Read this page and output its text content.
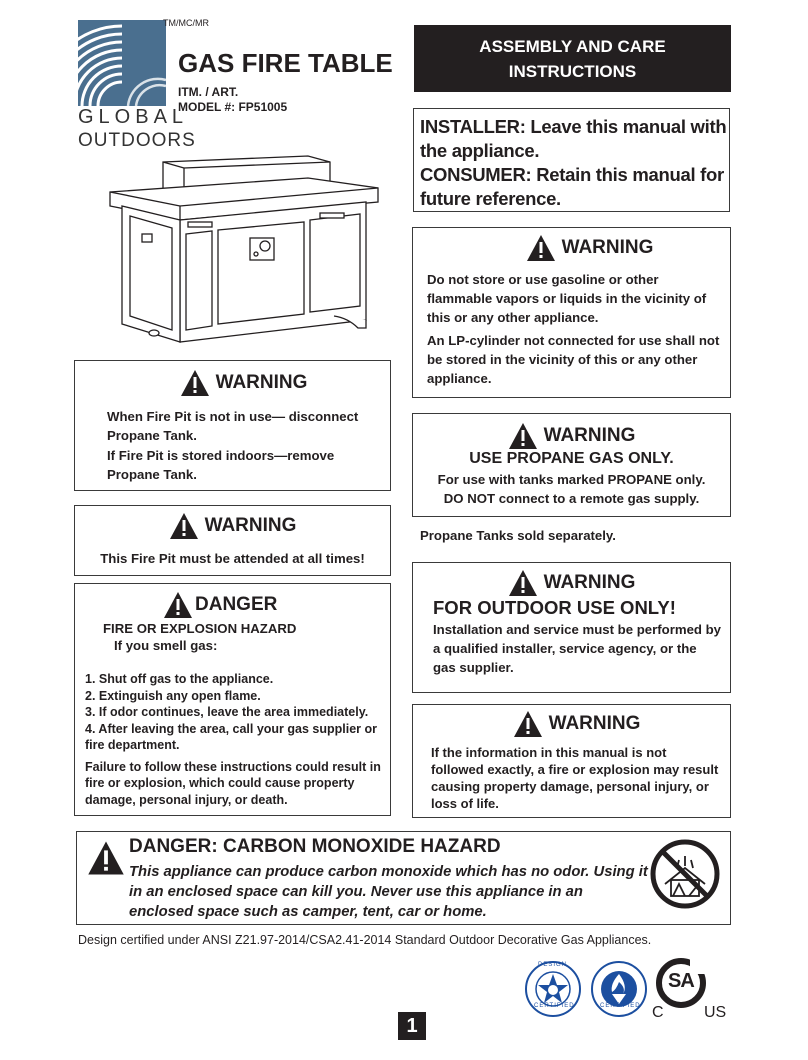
TM/MC/MR
GLOBAL
OUTDOORS
GAS FIRE TABLE
ITM. / ART.
MODEL #: FP51005
ASSEMBLY AND CARE
INSTRUCTIONS
INSTALLER: Leave this manual with
the appliance.
CONSUMER: Retain this manual for
future reference.
WARNING

Do not store or use gasoline or other flammable vapors or liquids in the vicinity of this or any other appliance.

An LP-cylinder not connected for use shall not be stored in the vicinity of this or any other appliance.

WARNING

When Fire Pit is not in use— disconnect Propane Tank.

If Fire Pit is stored indoors—remove Propane Tank.

WARNING
USE PROPANE GAS ONLY.
For use with tanks marked PROPANE only.
DO NOT connect to a remote gas supply.
Propane Tanks sold separately.
WARNING
This Fire Pit must be attended at all times!
DANGER
FIRE OR EXPLOSION HAZARD
If you smell gas:
1. Shut off gas to the appliance.
2. Extinguish any open flame.
3. If odor continues, leave the area immediately.
4. After leaving the area, call your gas supplier or fire department.

Failure to follow these instructions could result in fire or explosion, which could cause property damage, personal injury, or death.

WARNING
FOR OUTDOOR USE ONLY!

Installation and service must be performed by a qualified installer, service agency, or the gas supplier.

WARNING

If the information in this manual is not followed exactly, a fire or explosion may result causing property damage, personal injury, or loss of life.

DANGER: CARBON MONOXIDE HAZARD

This appliance can produce carbon monoxide which has no odor. Using it in an enclosed space can kill you. Never use this appliance in an enclosed space such as camper, tent, car or home.

Design certified under ANSI Z21.97-2014/CSA2.41-2014 Standard Outdoor Decorative Gas Appliances.
DESIGN
CERTIFIED	CERTIFIED
SA
C	US
1
